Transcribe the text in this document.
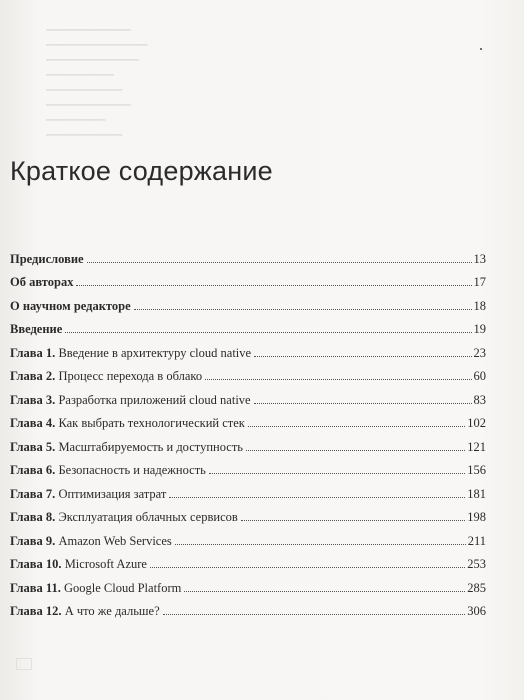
▁▁▁▁▁▁▁▁▁▁
▁▁▁▁▁▁▁▁▁▁▁▁
▁▁▁▁▁▁▁▁▁▁▁
▁▁▁▁▁▁▁▁
▁▁▁▁▁▁▁▁▁
▁▁▁▁▁▁▁▁▁▁
▁▁▁▁▁▁▁
▁▁▁▁▁▁▁▁▁
Краткое содержание
Предисловие	13
Об авторах	17
О научном редакторе	18
Введение	19
Глава 1. Введение в архитектуру cloud native	23
Глава 2. Процесс перехода в облако	60
Глава 3. Разработка приложений cloud native	83
Глава 4. Как выбрать технологический стек	102
Глава 5. Масштабируемость и доступность	121
Глава 6. Безопасность и надежность	156
Глава 7. Оптимизация затрат	181
Глава 8. Эксплуатация облачных сервисов	198
Глава 9. Amazon Web Services	211
Глава 10. Microsoft Azure	253
Глава 11. Google Cloud Platform	285
Глава 12. А что же дальше?	306
